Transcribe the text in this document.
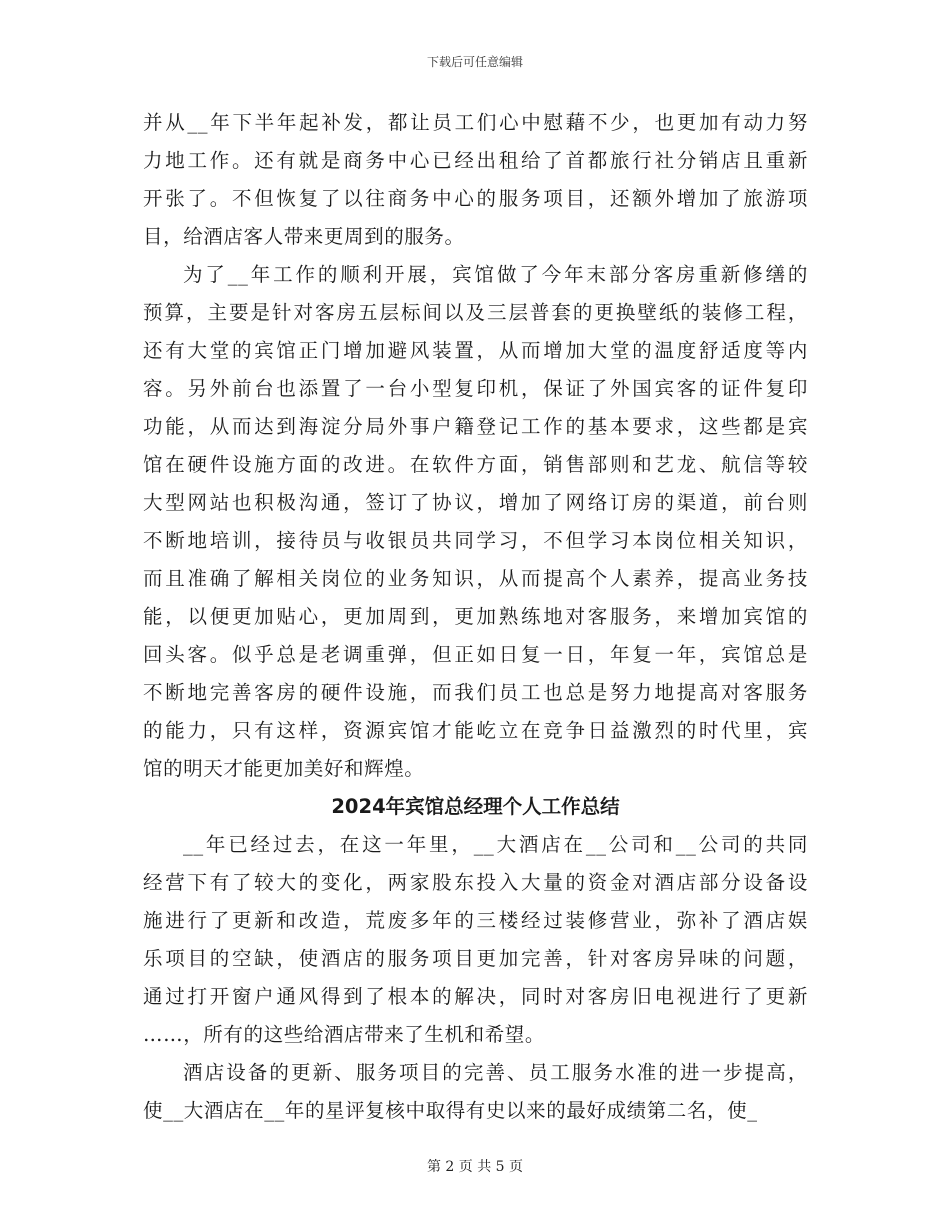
下载后可任意编辑
并从__年下半年起补发，都让员工们心中慰藉不少，也更加有动力努
力地工作。还有就是商务中心已经出租给了首都旅行社分销店且重新
开张了。不但恢复了以往商务中心的服务项目，还额外增加了旅游项
目，给酒店客人带来更周到的服务。
为了__年工作的顺利开展，宾馆做了今年末部分客房重新修缮的
预算，主要是针对客房五层标间以及三层普套的更换壁纸的装修工程，
还有大堂的宾馆正门增加避风装置，从而增加大堂的温度舒适度等内
容。另外前台也添置了一台小型复印机，保证了外国宾客的证件复印
功能，从而达到海淀分局外事户籍登记工作的基本要求，这些都是宾
馆在硬件设施方面的改进。在软件方面，销售部则和艺龙、航信等较
大型网站也积极沟通，签订了协议，增加了网络订房的渠道，前台则
不断地培训，接待员与收银员共同学习，不但学习本岗位相关知识，
而且准确了解相关岗位的业务知识，从而提高个人素养，提高业务技
能，以便更加贴心，更加周到，更加熟练地对客服务，来增加宾馆的
回头客。似乎总是老调重弹，但正如日复一日，年复一年，宾馆总是
不断地完善客房的硬件设施，而我们员工也总是努力地提高对客服务
的能力，只有这样，资源宾馆才能屹立在竞争日益激烈的时代里，宾
馆的明天才能更加美好和辉煌。
2024年宾馆总经理个人工作总结
__年已经过去，在这一年里，__大酒店在__公司和__公司的共同
经营下有了较大的变化，两家股东投入大量的资金对酒店部分设备设
施进行了更新和改造，荒废多年的三楼经过装修营业，弥补了酒店娱
乐项目的空缺，使酒店的服务项目更加完善，针对客房异味的问题，
通过打开窗户通风得到了根本的解决，同时对客房旧电视进行了更新
……，所有的这些给酒店带来了生机和希望。
酒店设备的更新、服务项目的完善、员工服务水准的进一步提高，
使__大酒店在__年的星评复核中取得有史以来的最好成绩第二名，使_
第 2 页 共 5 页
